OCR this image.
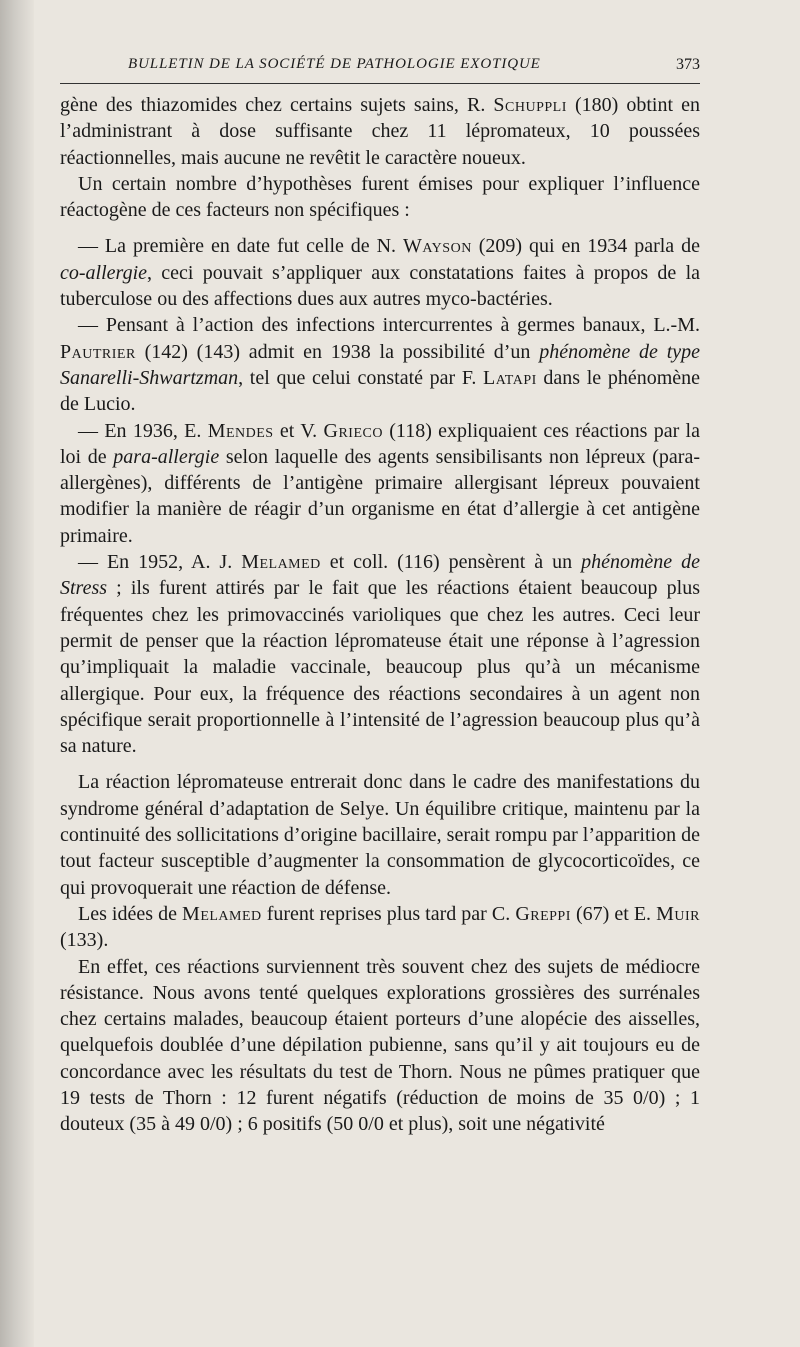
BULLETIN DE LA SOCIÉTÉ DE PATHOLOGIE EXOTIQUE	373

gène des thiazomides chez certains sujets sains, R. Schuppli (180) obtint en l’administrant à dose suffisante chez 11 lépromateux, 10 poussées réactionnelles, mais aucune ne revêtit le caractère noueux.

Un certain nombre d’hypothèses furent émises pour expliquer l’influence réactogène de ces facteurs non spécifiques :

— La première en date fut celle de N. Wayson (209) qui en 1934 parla de co-allergie, ceci pouvait s’appliquer aux constatations faites à propos de la tuberculose ou des affections dues aux autres myco-bactéries.

— Pensant à l’action des infections intercurrentes à germes banaux, L.-M. Pautrier (142) (143) admit en 1938 la possibilité d’un phénomène de type Sanarelli-Shwartzman, tel que celui constaté par F. Latapi dans le phénomène de Lucio.

— En 1936, E. Mendes et V. Grieco (118) expliquaient ces réactions par la loi de para-allergie selon laquelle des agents sensibilisants non lépreux (para-allergènes), différents de l’antigène primaire allergisant lépreux pouvaient modifier la manière de réagir d’un organisme en état d’allergie à cet antigène primaire.

— En 1952, A. J. Melamed et coll. (116) pensèrent à un phénomène de Stress ; ils furent attirés par le fait que les réactions étaient beaucoup plus fréquentes chez les primovaccinés varioliques que chez les autres. Ceci leur permit de penser que la réaction lépromateuse était une réponse à l’agression qu’impliquait la maladie vaccinale, beaucoup plus qu’à un mécanisme allergique. Pour eux, la fréquence des réactions secondaires à un agent non spécifique serait proportionnelle à l’intensité de l’agression beaucoup plus qu’à sa nature.

La réaction lépromateuse entrerait donc dans le cadre des manifestations du syndrome général d’adaptation de Selye. Un équilibre critique, maintenu par la continuité des sollicitations d’origine bacillaire, serait rompu par l’apparition de tout facteur susceptible d’augmenter la consommation de glycocorticoïdes, ce qui provoquerait une réaction de défense.

Les idées de Melamed furent reprises plus tard par C. Greppi (67) et E. Muir (133).

En effet, ces réactions surviennent très souvent chez des sujets de médiocre résistance. Nous avons tenté quelques explorations grossières des surrénales chez certains malades, beaucoup étaient porteurs d’une alopécie des aisselles, quelquefois doublée d’une dépilation pubienne, sans qu’il y ait toujours eu de concordance avec les résultats du test de Thorn. Nous ne pûmes pratiquer que 19 tests de Thorn : 12 furent négatifs (réduction de moins de 35 0/0) ; 1 douteux (35 à 49 0/0) ; 6 positifs (50 0/0 et plus), soit une négativité
